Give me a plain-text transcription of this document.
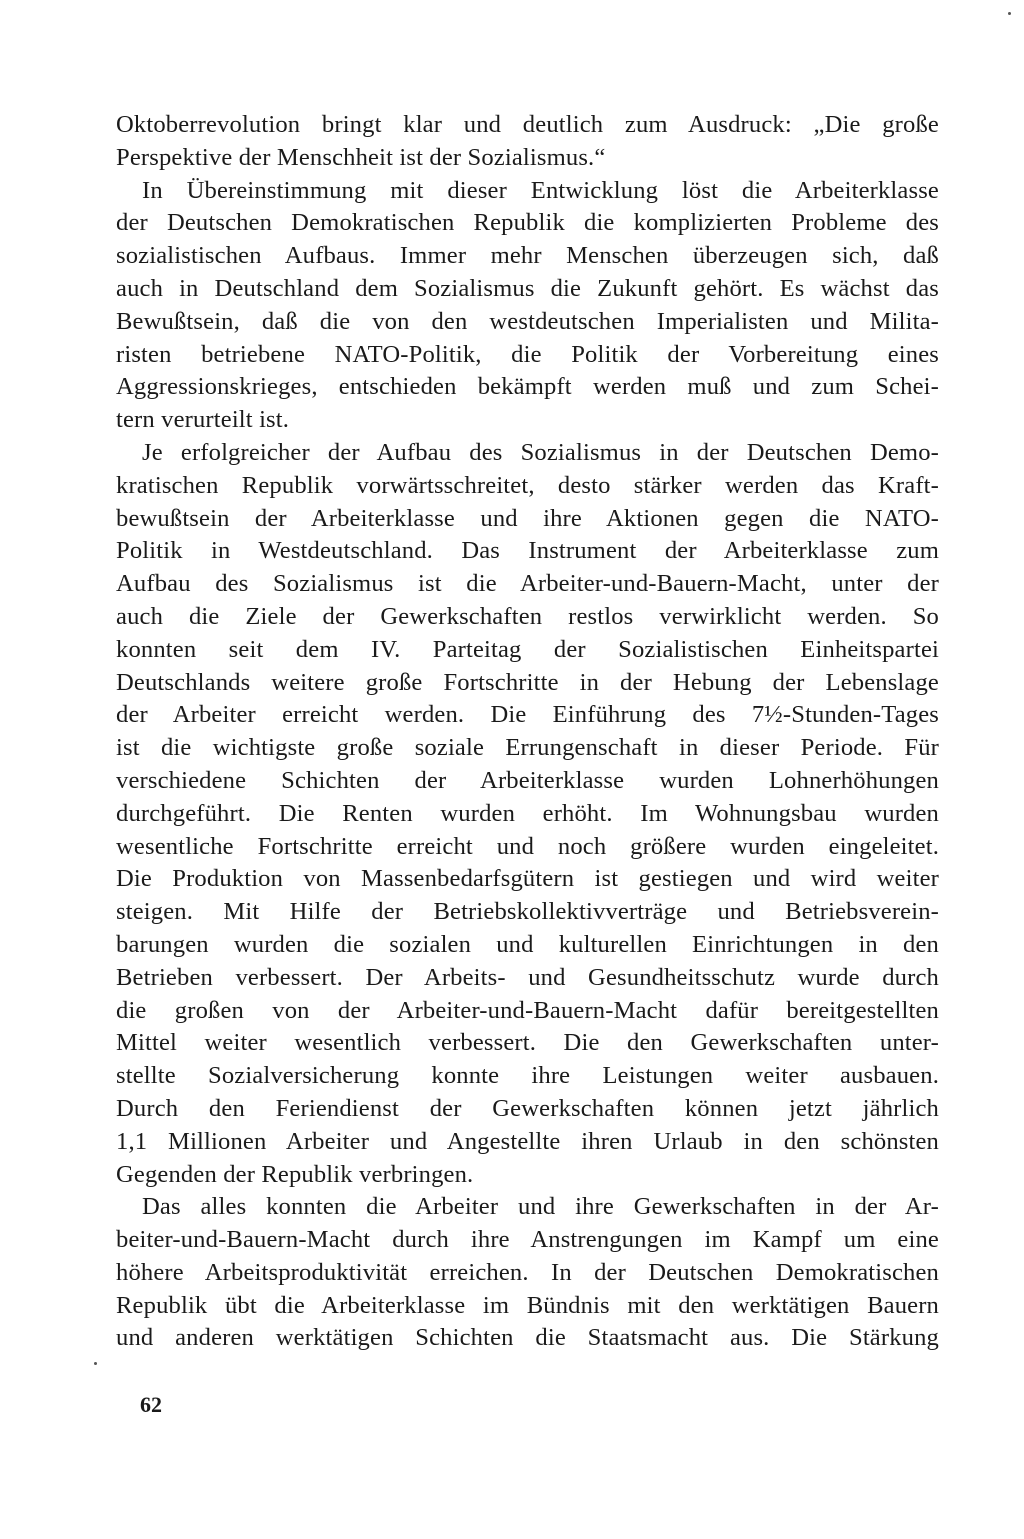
Oktoberrevolution bringt klar und deutlich zum Ausdruck: „Die große
Perspektive der Menschheit ist der Sozialismus.“
In Übereinstimmung mit dieser Entwicklung löst die Arbeiterklasse
der Deutschen Demokratischen Republik die komplizierten Probleme des
sozialistischen Aufbaus. Immer mehr Menschen überzeugen sich, daß
auch in Deutschland dem Sozialismus die Zukunft gehört. Es wächst das
Bewußtsein, daß die von den westdeutschen Imperialisten und Milita-
risten betriebene NATO-Politik, die Politik der Vorbereitung eines
Aggressionskrieges, entschieden bekämpft werden muß und zum Schei-
tern verurteilt ist.
Je erfolgreicher der Aufbau des Sozialismus in der Deutschen Demo-
kratischen Republik vorwärtsschreitet, desto stärker werden das Kraft-
bewußtsein der Arbeiterklasse und ihre Aktionen gegen die NATO-
Politik in Westdeutschland. Das Instrument der Arbeiterklasse zum
Aufbau des Sozialismus ist die Arbeiter-und-Bauern-Macht, unter der
auch die Ziele der Gewerkschaften restlos verwirklicht werden. So
konnten seit dem IV. Parteitag der Sozialistischen Einheitspartei
Deutschlands weitere große Fortschritte in der Hebung der Lebenslage
der Arbeiter erreicht werden. Die Einführung des 7½-Stunden-Tages
ist die wichtigste große soziale Errungenschaft in dieser Periode. Für
verschiedene Schichten der Arbeiterklasse wurden Lohnerhöhungen
durchgeführt. Die Renten wurden erhöht. Im Wohnungsbau wurden
wesentliche Fortschritte erreicht und noch größere wurden eingeleitet.
Die Produktion von Massenbedarfsgütern ist gestiegen und wird weiter
steigen. Mit Hilfe der Betriebskollektivverträge und Betriebsverein-
barungen wurden die sozialen und kulturellen Einrichtungen in den
Betrieben verbessert. Der Arbeits- und Gesundheitsschutz wurde durch
die großen von der Arbeiter-und-Bauern-Macht dafür bereitgestellten
Mittel weiter wesentlich verbessert. Die den Gewerkschaften unter-
stellte Sozialversicherung konnte ihre Leistungen weiter ausbauen.
Durch den Feriendienst der Gewerkschaften können jetzt jährlich
1,1 Millionen Arbeiter und Angestellte ihren Urlaub in den schönsten
Gegenden der Republik verbringen.
Das alles konnten die Arbeiter und ihre Gewerkschaften in der Ar-
beiter-und-Bauern-Macht durch ihre Anstrengungen im Kampf um eine
höhere Arbeitsproduktivität erreichen. In der Deutschen Demokratischen
Republik übt die Arbeiterklasse im Bündnis mit den werktätigen Bauern
und anderen werktätigen Schichten die Staatsmacht aus. Die Stärkung
62
